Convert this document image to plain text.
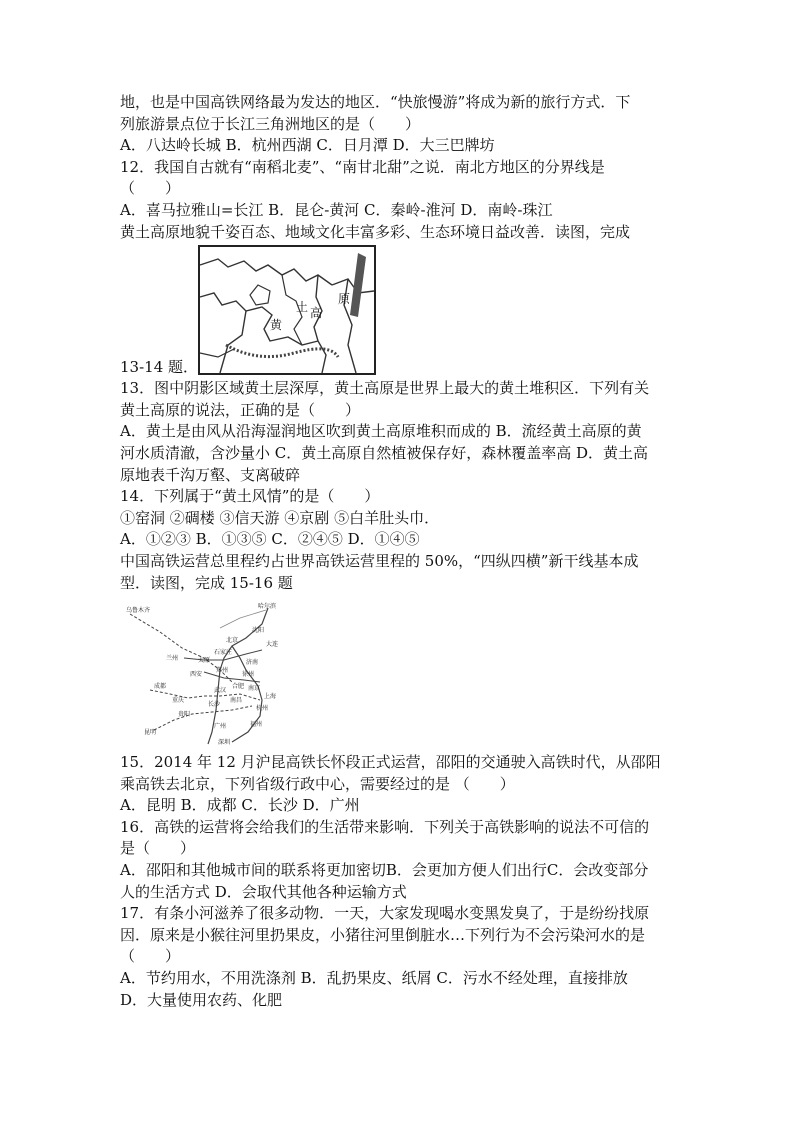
地，也是中国高铁网络最为发达的地区．“快旅慢游”将成为新的旅行方式．下
列旅游景点位于长江三角洲地区的是（　　）
A．八达岭长城 B．杭州西湖 C．日月潭 D．大三巴牌坊
12．我国自古就有“南稻北麦”、“南甘北甜”之说．南北方地区的分界线是
（　　）
A．喜马拉雅山=长江 B．昆仑-黄河 C．秦岭-淮河 D．南岭-珠江
黄土高原地貌千姿百态、地域文化丰富多彩、生态环境日益改善．读图，完成
黄
土 高
原
13-14 题．
13．图中阴影区域黄土层深厚，黄土高原是世界上最大的黄土堆积区．下列有关
黄土高原的说法，正确的是（　　）
A．黄土是由风从沿海湿润地区吹到黄土高原堆积而成的 B．流经黄土高原的黄
河水质清澈，含沙量小 C．黄土高原自然植被保存好，森林覆盖率高 D．黄土高
原地表千沟万壑、支离破碎
14．下列属于“黄土风情”的是（　　）
①窑洞 ②碉楼 ③信天游 ④京剧 ⑤白羊肚头巾．
A．①②③ B．①③⑤ C．②④⑤ D．①④⑤
中国高铁运营总里程约占世界高铁运营里程的 50%，“四纵四横”新干线基本成
型．读图，完成 15-16 题
乌鲁木齐
哈尔滨
沈阳
北京
大连
石家庄
太原	济南
兰州
西安
郑州
徐州
南京
武汉
合肥
上海
成都
重庆
长沙
南昌
杭州
昆明
贵阳
福州
广州
深圳
15．2014 年 12 月沪昆高铁长怀段正式运营，邵阳的交通驶入高铁时代，从邵阳
乘高铁去北京，下列省级行政中心，需要经过的是 （　　）
A．昆明 B．成都 C．长沙 D．广州
16．高铁的运营将会给我们的生活带来影响．下列关于高铁影响的说法不可信的
是（　　）
A．邵阳和其他城市间的联系将更加密切B．会更加方便人们出行C．会改变部分
人的生活方式 D．会取代其他各种运输方式
17．有条小河滋养了很多动物．一天，大家发现喝水变黑发臭了，于是纷纷找原
因．原来是小猴往河里扔果皮，小猪往河里倒脏水…下列行为不会污染河水的是
（　　）
A．节约用水，不用洗涤剂 B．乱扔果皮、纸屑 C．污水不经处理，直接排放
D．大量使用农药、化肥
